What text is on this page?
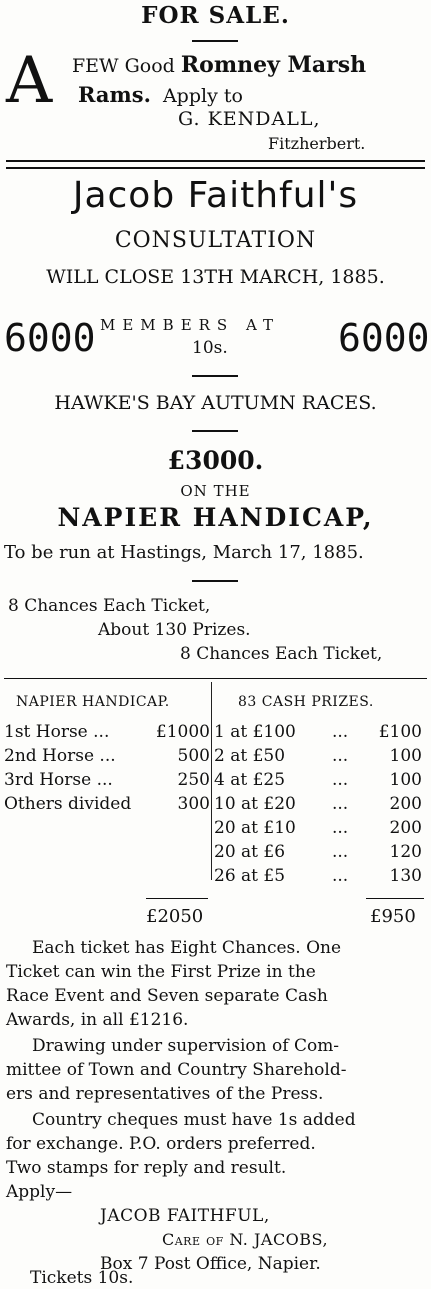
FOR SALE.
A FEW Good Romney Marsh
Rams. Apply to
G. KENDALL,
Fitzherbert.
Jacob Faithful's
CONSULTATION
WILL CLOSE 13TH MARCH, 1885.
6000 MEMBERS AT
10s.	6000
HAWKE'S BAY AUTUMN RACES.
£3000.
ON THE
NAPIER HANDICAP,
To be run at Hastings, March 17, 1885.
8 Chances Each Ticket,
About 130 Prizes.
8 Chances Each Ticket,
NAPIER HANDICAP.	83 CASH PRIZES.
1st Horse ...	£1000
2nd Horse ...	500
3rd Horse ...	250
Others divided	300
1 at £100	...	£100
2 at £50	...	100
4 at £25	...	100
10 at £20	...	200
20 at £10	...	200
20 at £6	...	120
26 at £5	...	130
£2050	£950
Each ticket has Eight Chances. One
Ticket can win the First Prize in the
Race Event and Seven separate Cash
Awards, in all £1216.
Drawing under supervision of Com-
mittee of Town and Country Sharehold-
ers and representatives of the Press.
Country cheques must have 1s added
for exchange. P.O. orders preferred.
Two stamps for reply and result.
Apply—
JACOB FAITHFUL,
Care of N. JACOBS,
Box 7 Post Office, Napier.
Tickets 10s.
